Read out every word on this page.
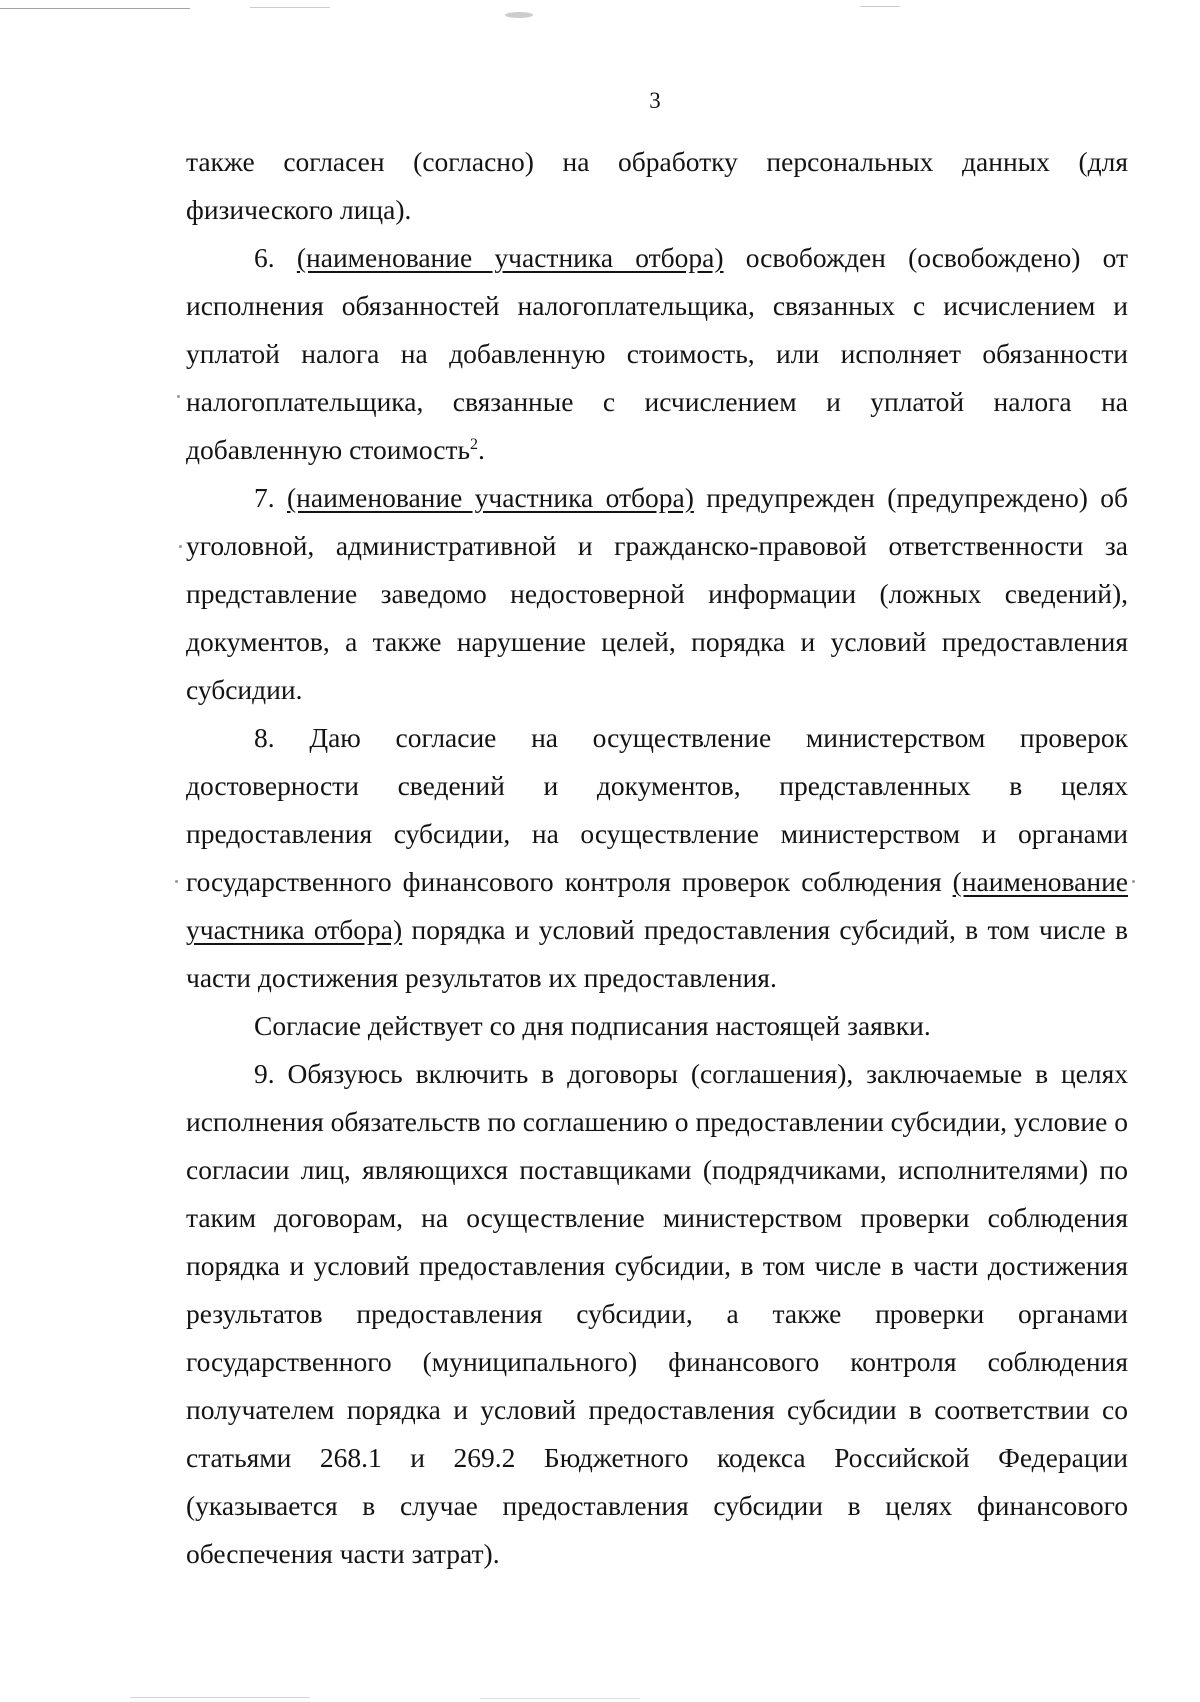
3

также согласен (согласно) на обработку персональных данных (для физического лица).

6. (наименование участника отбора) освобожден (освобождено) от исполнения обязанностей налогоплательщика, связанных с исчислением и уплатой налога на добавленную стоимость, или исполняет обязанности налогоплательщика, связанные с исчислением и уплатой налога на добавленную стоимость$^2$.

7. (наименование участника отбора) предупрежден (предупреждено) об уголовной, административной и гражданско-правовой ответственности за представление заведомо недостоверной информации (ложных сведений), документов, а также нарушение целей, порядка и условий предоставления субсидии.

8. Даю согласие на осуществление министерством проверок достоверности сведений и документов, представленных в целях предоставления субсидии, на осуществление министерством и органами государственного финансового контроля проверок соблюдения (наименование участника отбора) порядка и условий предоставления субсидий, в том числе в части достижения результатов их предоставления.

Согласие действует со дня подписания настоящей заявки.

9. Обязуюсь включить в договоры (соглашения), заключаемые в целях исполнения обязательств по соглашению о предоставлении субсидии, условие о согласии лиц, являющихся поставщиками (подрядчиками, исполнителями) по таким договорам, на осуществление министерством проверки соблюдения порядка и условий предоставления субсидии, в том числе в части достижения результатов предоставления субсидии, а также проверки органами государственного (муниципального) финансового контроля соблюдения получателем порядка и условий предоставления субсидии в соответствии со статьями 268.1 и 269.2 Бюджетного кодекса Российской Федерации (указывается в случае предоставления субсидии в целях финансового обеспечения части затрат).
